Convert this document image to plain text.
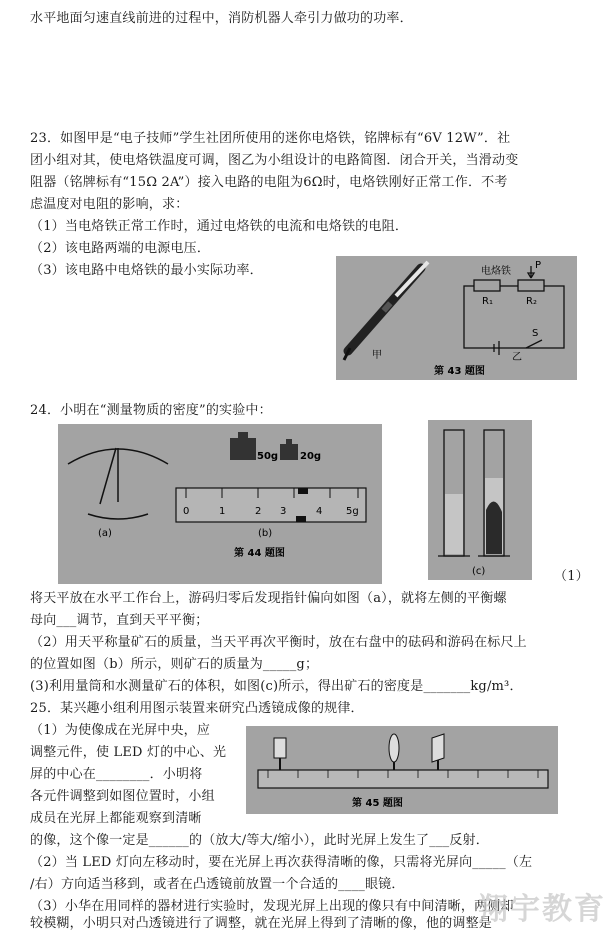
水平地面匀速直线前进的过程中，消防机器人牵引力做功的功率．
23．如图甲是“电子技师”学生社团所使用的迷你电烙铁，铭牌标有“6V 12W”．社
团小组对其，使电烙铁温度可调，图乙为小组设计的电路简图．闭合开关，当滑动变
阻器（铭牌标有“15Ω 2A”）接入电路的电阻为6Ω时，电烙铁刚好正常工作．不考
虑温度对电阻的影响，求：
（1）当电烙铁正常工作时，通过电烙铁的电流和电烙铁的电阻．
（2）该电路两端的电源电压．
（3）该电路中电烙铁的最小实际功率．	电烙铁
P
R₁	R₂
S
甲	乙
第 43 题图
24．小明在“测量物质的密度”的实验中：
(a)
50g 20g
0	1	2 3	4 5g
(b)
第 44 题图
(c)	（1）
将天平放在水平工作台上，游码归零后发现指针偏向如图（a），就将左侧的平衡螺
母向___调节，直到天平平衡；
（2）用天平称量矿石的质量，当天平再次平衡时，放在右盘中的砝码和游码在标尺上
的位置如图（b）所示，则矿石的质量为_____g；
(3)利用量筒和水测量矿石的体积，如图(c)所示，得出矿石的密度是_______kg/m³．
25．某兴趣小组利用图示装置来研究凸透镜成像的规律．
（1）为使像成在光屏中央，应
调整元件，使 LED 灯的中心、光
屏的中心在________．小明将
各元件调整到如图位置时，小组
成员在光屏上都能观察到清晰
第 45 题图
的像，这个像一定是______的（放大/等大/缩小），此时光屏上发生了___反射．
（2）当 LED 灯向左移动时，要在光屏上再次获得清晰的像，只需将光屏向_____（左
/右）方向适当移到，或者在凸透镜前放置一个合适的____眼镜．
（3）小华在用同样的器材进行实验时，发现光屏上出现的像只有中间清晰，两侧却
较模糊，小明只对凸透镜进行了调整，就在光屏上得到了清晰的像，他的调整是
翔宇教育
